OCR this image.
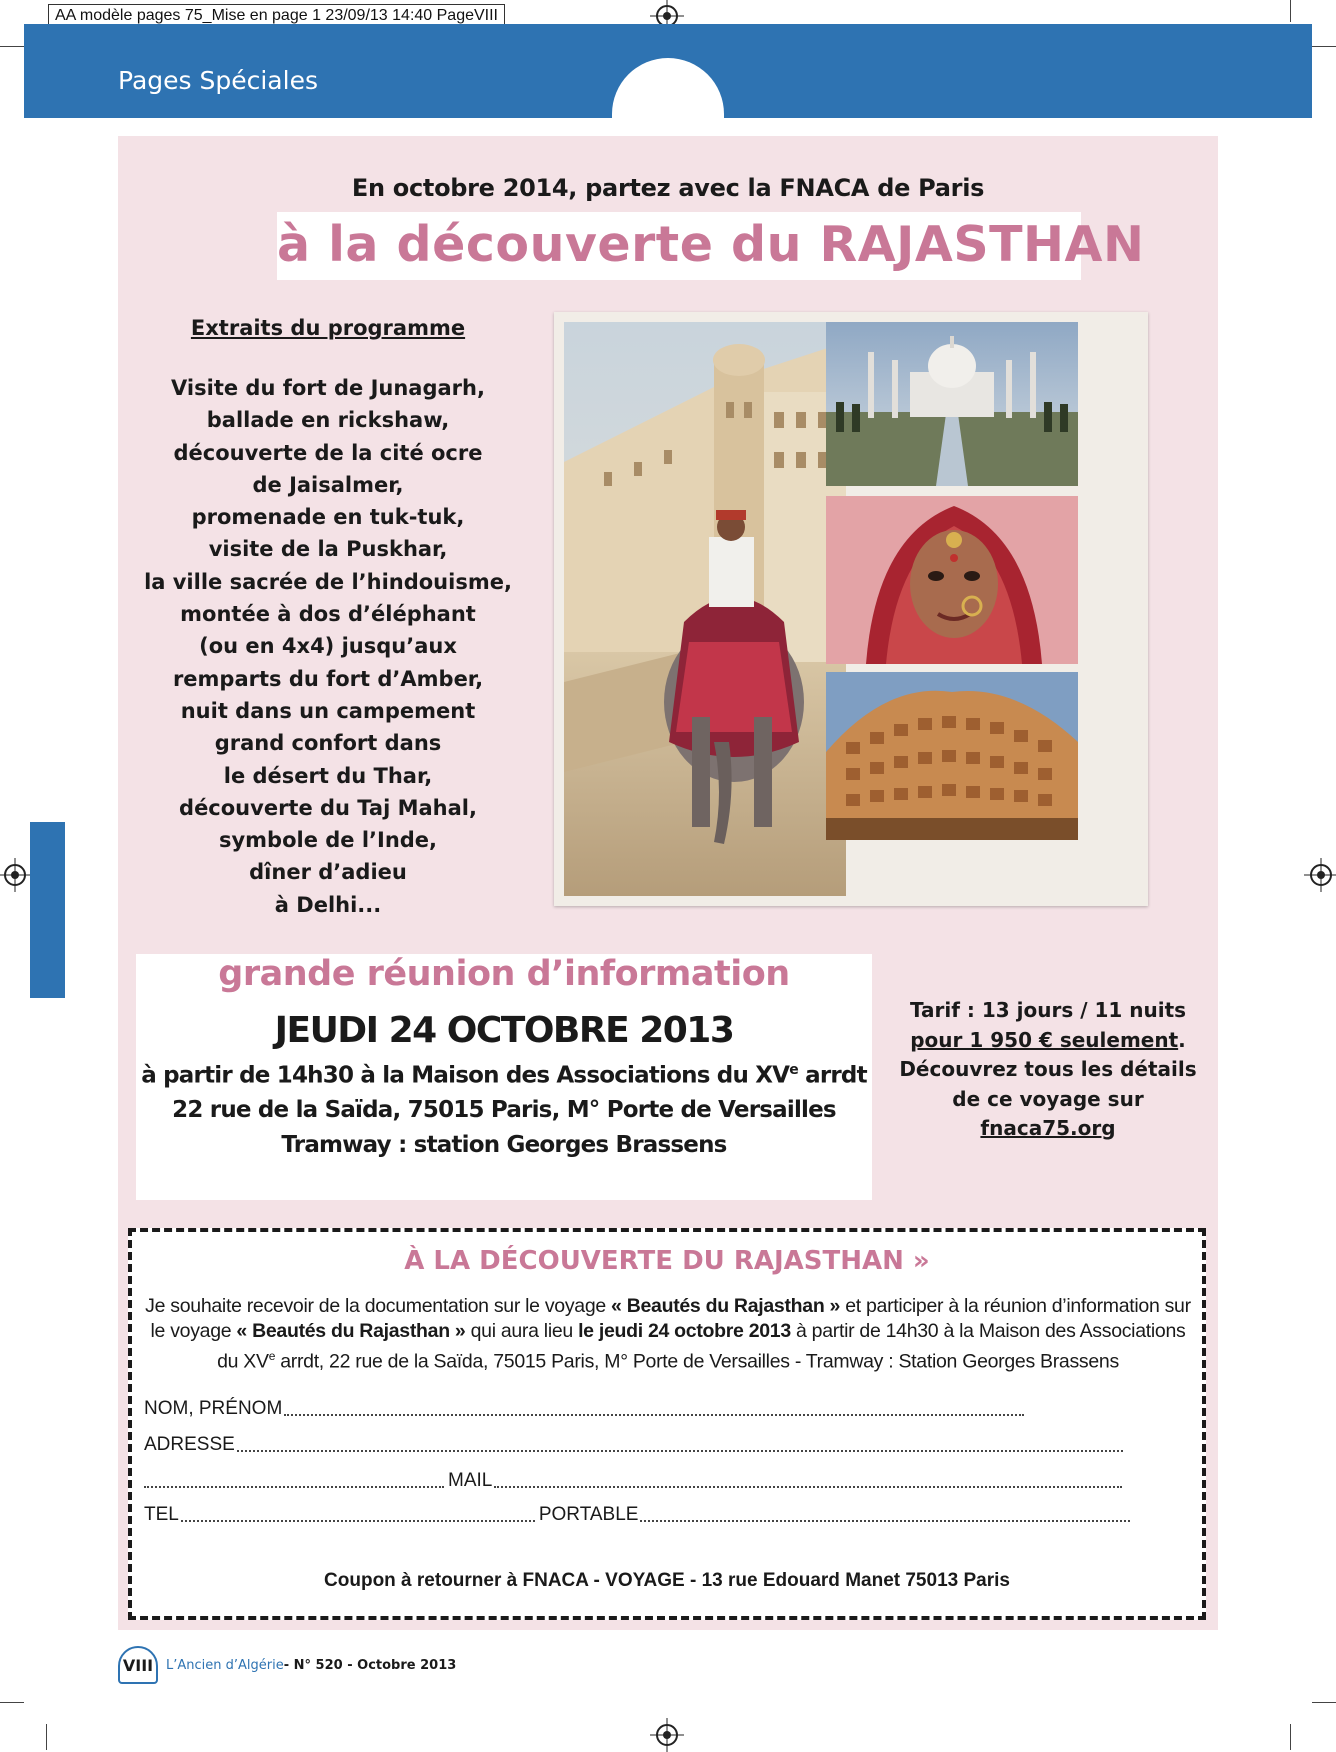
AA modèle pages 75_Mise en page 1 23/09/13 14:40 PageVIII
Pages Spéciales
En octobre 2014, partez avec la FNACA de Paris
à la découverte du RAJASTHAN
Extraits du programme
Visite du fort de Junagarh,
ballade en rickshaw,
découverte de la cité ocre
de Jaisalmer,
promenade en tuk-tuk,
visite de la Puskhar,
la ville sacrée de l’hindouisme,
montée à dos d’éléphant
(ou en 4x4) jusqu’aux
remparts du fort d’Amber,
nuit dans un campement
grand confort dans
le désert du Thar,
découverte du Taj Mahal,
symbole de l’Inde,
dîner d’adieu
à Delhi...
grande réunion d’information
JEUDI 24 OCTOBRE 2013
à partir de 14h30 à la Maison des Associations du XVe arrdt
22 rue de la Saïda, 75015 Paris, M° Porte de Versailles
Tramway : station Georges Brassens
Tarif : 13 jours / 11 nuits
pour 1 950 € seulement.
Découvrez tous les détails
de ce voyage sur
fnaca75.org
À LA DÉCOUVERTE DU RAJASTHAN »
Je souhaite recevoir de la documentation sur le voyage « Beautés du Rajasthan » et participer à la réunion d’information sur le voyage « Beautés du Rajasthan » qui aura lieu le jeudi 24 octobre 2013 à partir de 14h30 à la Maison des Associations du XVe arrdt, 22 rue de la Saïda, 75015 Paris, M° Porte de Versailles - Tramway : Station Georges Brassens
NOM, PRÉNOM
ADRESSE
MAIL
TEL	PORTABLE
Coupon à retourner à FNACA - VOYAGE - 13 rue Edouard Manet 75013 Paris
VIII L’Ancien d’Algérie - N° 520 - Octobre 2013
